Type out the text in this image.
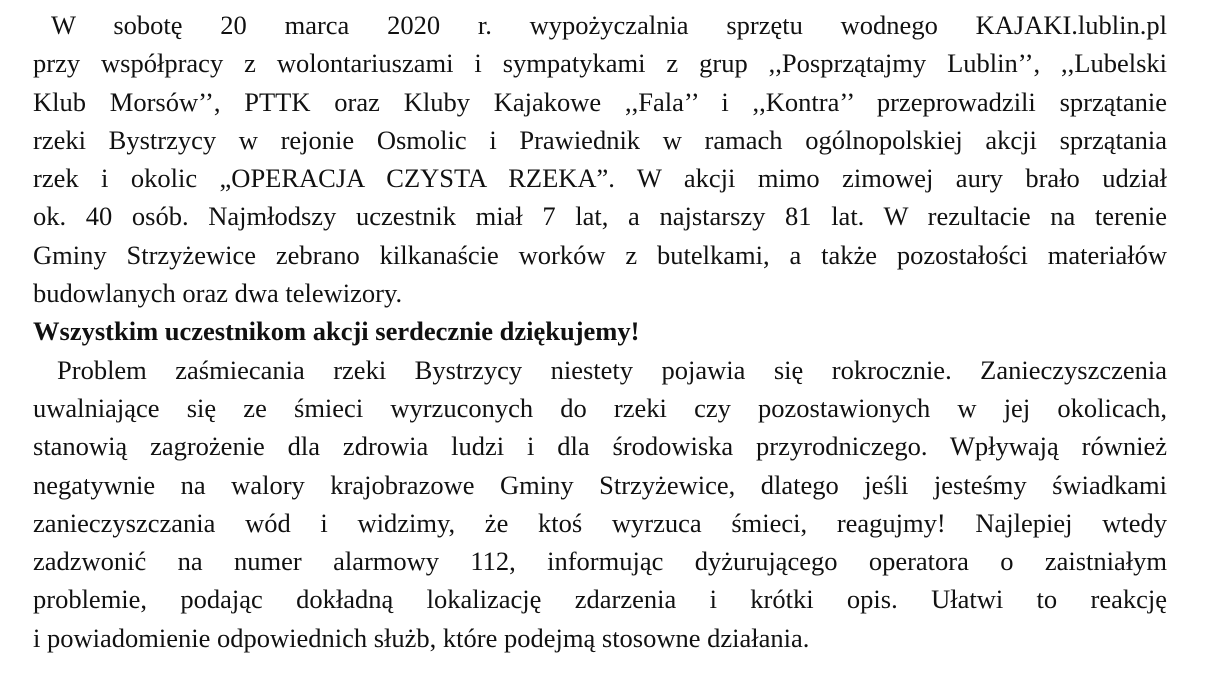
W sobotę 20 marca 2020 r. wypożyczalnia sprzętu wodnego KAJAKI.lublin.pl
przy współpracy z wolontariuszami i sympatykami z grup ,,Posprzątajmy Lublin’’, ,,Lubelski
Klub Morsów’’, PTTK oraz Kluby Kajakowe ,,Fala’’ i ,,Kontra’’ przeprowadzili sprzątanie
rzeki Bystrzycy w rejonie Osmolic i Prawiednik w ramach ogólnopolskiej akcji sprzątania
rzek i okolic „OPERACJA CZYSTA RZEKA”. W akcji mimo zimowej aury brało udział
ok. 40 osób. Najmłodszy uczestnik miał 7 lat, a najstarszy 81 lat. W rezultacie na terenie
Gminy Strzyżewice zebrano kilkanaście worków z butelkami, a także pozostałości materiałów
budowlanych oraz dwa telewizory.
Wszystkim uczestnikom akcji serdecznie dziękujemy!
Problem zaśmiecania rzeki Bystrzycy niestety pojawia się rokrocznie. Zanieczyszczenia
uwalniające się ze śmieci wyrzuconych do rzeki czy pozostawionych w jej okolicach,
stanowią zagrożenie dla zdrowia ludzi i dla środowiska przyrodniczego. Wpływają również
negatywnie na walory krajobrazowe Gminy Strzyżewice, dlatego jeśli jesteśmy świadkami
zanieczyszczania wód i widzimy, że ktoś wyrzuca śmieci, reagujmy! Najlepiej wtedy
zadzwonić na numer alarmowy 112, informując dyżurującego operatora o zaistniałym
problemie, podając dokładną lokalizację zdarzenia i krótki opis. Ułatwi to reakcję
i powiadomienie odpowiednich służb, które podejmą stosowne działania.
